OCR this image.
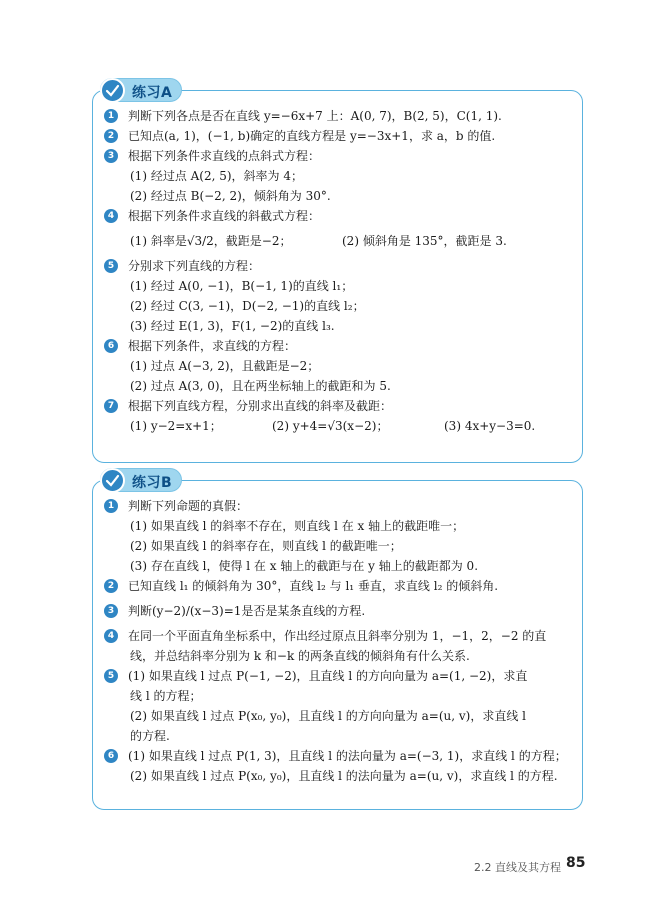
练习A
1	判断下列各点是否在直线 y=−6x+7 上：A(0, 7)，B(2, 5)，C(1, 1).
2	已知点(a, 1)，(−1, b)确定的直线方程是 y=−3x+1，求 a，b 的值.
3	根据下列条件求直线的点斜式方程：
(1) 经过点 A(2, 5)，斜率为 4；
(2) 经过点 B(−2, 2)，倾斜角为 30°.
4	根据下列条件求直线的斜截式方程：
(1) 斜率是√3/2，截距是−2；	(2) 倾斜角是 135°，截距是 3.
5	分别求下列直线的方程：
(1) 经过 A(0, −1)，B(−1, 1)的直线 l₁；
(2) 经过 C(3, −1)，D(−2, −1)的直线 l₂；
(3) 经过 E(1, 3)，F(1, −2)的直线 l₃.
6	根据下列条件，求直线的方程：
(1) 过点 A(−3, 2)，且截距是−2；
(2) 过点 A(3, 0)，且在两坐标轴上的截距和为 5.
7	根据下列直线方程，分别求出直线的斜率及截距：
(1) y−2=x+1；	(2) y+4=√3(x−2)；	(3) 4x+y−3=0.
练习B
1	判断下列命题的真假：
(1) 如果直线 l 的斜率不存在，则直线 l 在 x 轴上的截距唯一；
(2) 如果直线 l 的斜率存在，则直线 l 的截距唯一；
(3) 存在直线 l，使得 l 在 x 轴上的截距与在 y 轴上的截距都为 0.
2	已知直线 l₁ 的倾斜角为 30°，直线 l₂ 与 l₁ 垂直，求直线 l₂ 的倾斜角.
3	判断(y−2)/(x−3)=1是否是某条直线的方程.
4	在同一个平面直角坐标系中，作出经过原点且斜率分别为 1，−1，2，−2 的直
线，并总结斜率分别为 k 和−k 的两条直线的倾斜角有什么关系.
5	(1) 如果直线 l 过点 P(−1, −2)，且直线 l 的方向向量为 a=(1, −2)，求直
线 l 的方程；
(2) 如果直线 l 过点 P(x₀, y₀)，且直线 l 的方向向量为 a=(u, v)，求直线 l
的方程.
6	(1) 如果直线 l 过点 P(1, 3)，且直线 l 的法向量为 a=(−3, 1)，求直线 l 的方程；
(2) 如果直线 l 过点 P(x₀, y₀)，且直线 l 的法向量为 a=(u, v)，求直线 l 的方程.
2.2 直线及其方程 85
